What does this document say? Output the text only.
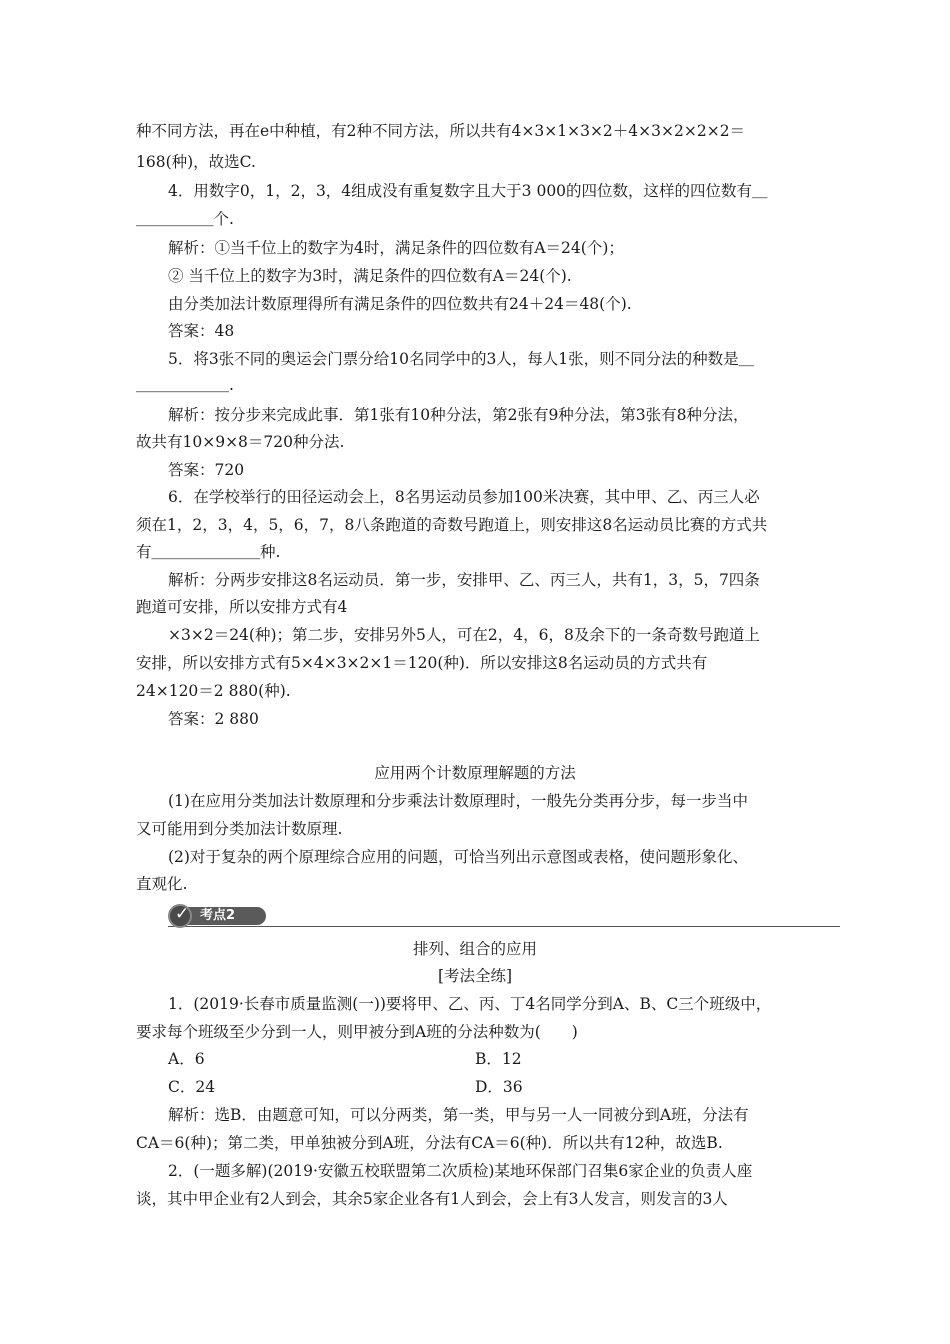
种不同方法，再在e中种植，有2种不同方法，所以共有4×3×1×3×2＋4×3×2×2×2＝
168(种)，故选C.
4．用数字0，1，2，3，4组成没有重复数字且大于3 000的四位数，这样的四位数有＿
＿＿＿＿＿个.
解析：①当千位上的数字为4时，满足条件的四位数有A＝24(个)；
② 当千位上的数字为3时，满足条件的四位数有A＝24(个).
由分类加法计数原理得所有满足条件的四位数共有24＋24＝48(个).
答案：48
5．将3张不同的奥运会门票分给10名同学中的3人，每人1张，则不同分法的种数是＿
＿＿＿＿＿＿.
解析：按分步来完成此事．第1张有10种分法，第2张有9种分法，第3张有8种分法，
故共有10×9×8＝720种分法.
答案：720
6．在学校举行的田径运动会上，8名男运动员参加100米决赛，其中甲、乙、丙三人必
须在1，2，3，4，5，6，7，8八条跑道的奇数号跑道上，则安排这8名运动员比赛的方式共
有＿＿＿＿＿＿＿种.
解析：分两步安排这8名运动员．第一步，安排甲、乙、丙三人，共有1，3，5，7四条
跑道可安排，所以安排方式有4
×3×2＝24(种)；第二步，安排另外5人，可在2，4，6，8及余下的一条奇数号跑道上
安排，所以安排方式有5×4×3×2×1＝120(种)．所以安排这8名运动员的方式共有
24×120＝2 880(种).
答案：2 880
应用两个计数原理解题的方法
(1)在应用分类加法计数原理和分步乘法计数原理时，一般先分类再分步，每一步当中
又可能用到分类加法计数原理.
(2)对于复杂的两个原理综合应用的问题，可恰当列出示意图或表格，使问题形象化、
直观化.
考点2
✓
排列、组合的应用
[考法全练]
1．(2019·长春市质量监测(一))要将甲、乙、丙、丁4名同学分到A、B、C三个班级中，
要求每个班级至少分到一人，则甲被分到A班的分法种数为(　　)
A．6	B．12
C．24	D．36
解析：选B．由题意可知，可以分两类，第一类，甲与另一人一同被分到A班，分法有
CA＝6(种)；第二类，甲单独被分到A班，分法有CA＝6(种)．所以共有12种，故选B.
2．(一题多解)(2019·安徽五校联盟第二次质检)某地环保部门召集6家企业的负责人座
谈，其中甲企业有2人到会，其余5家企业各有1人到会，会上有3人发言，则发言的3人
